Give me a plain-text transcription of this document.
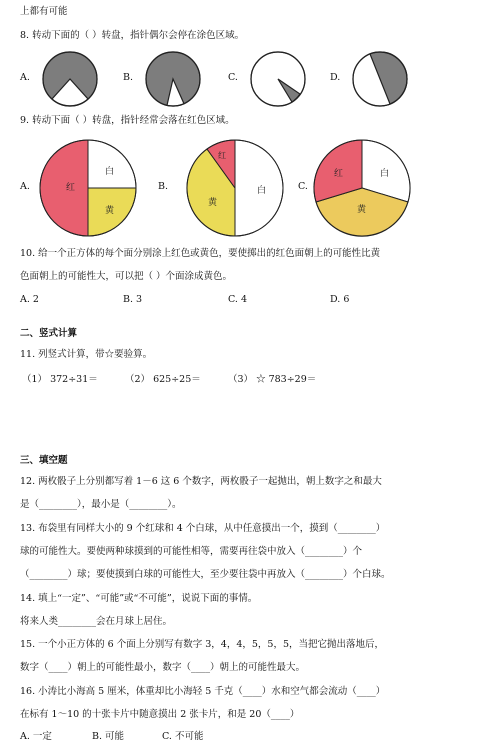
上都有可能
8. 转动下面的（ ）转盘，指针偶尔会停在涂色区域。
A.	B.	C.	D.
9. 转动下面（ ）转盘，指针经常会落在红色区域。
A.	红
白
黄
B.
红
黄
白	C.
红	白
黄
10. 给一个正方体的每个面分别涂上红色或黄色，要使掷出的红色面朝上的可能性比黄
色面朝上的可能性大，可以把（ ）个面涂成黄色。
A. 2	B. 3	C. 4	D. 6
二、竖式计算
11. 列竖式计算，带☆要验算。
（1） 372÷31＝	（2） 625÷25＝	（3） ☆ 783÷29＝
三、填空题
12. 两枚骰子上分别都写着 1－6 这 6 个数字，两枚骰子一起抛出，朝上数字之和最大
是（________），最小是（________）。
13. 布袋里有同样大小的 9 个红球和 4 个白球，从中任意摸出一个，摸到（________）
球的可能性大。要使两种球摸到的可能性相等，需要再往袋中放入（________）个
（________）球；要使摸到白球的可能性大，至少要往袋中再放入（________）个白球。
14. 填上“一定”、“可能”或“不可能”，说说下面的事情。
将来人类________会在月球上居住。
15. 一个小正方体的 6 个面上分别写有数字 3，4，4，5，5，5，当把它抛出落地后，
数字（____）朝上的可能性最小，数字（____）朝上的可能性最大。
16. 小涛比小海高 5 厘米，体重却比小海轻 5 千克（____）水和空气都会流动（____）
在标有 1～10 的十张卡片中随意摸出 2 张卡片，和是 20（____）
A. 一定	B. 可能	C. 不可能
